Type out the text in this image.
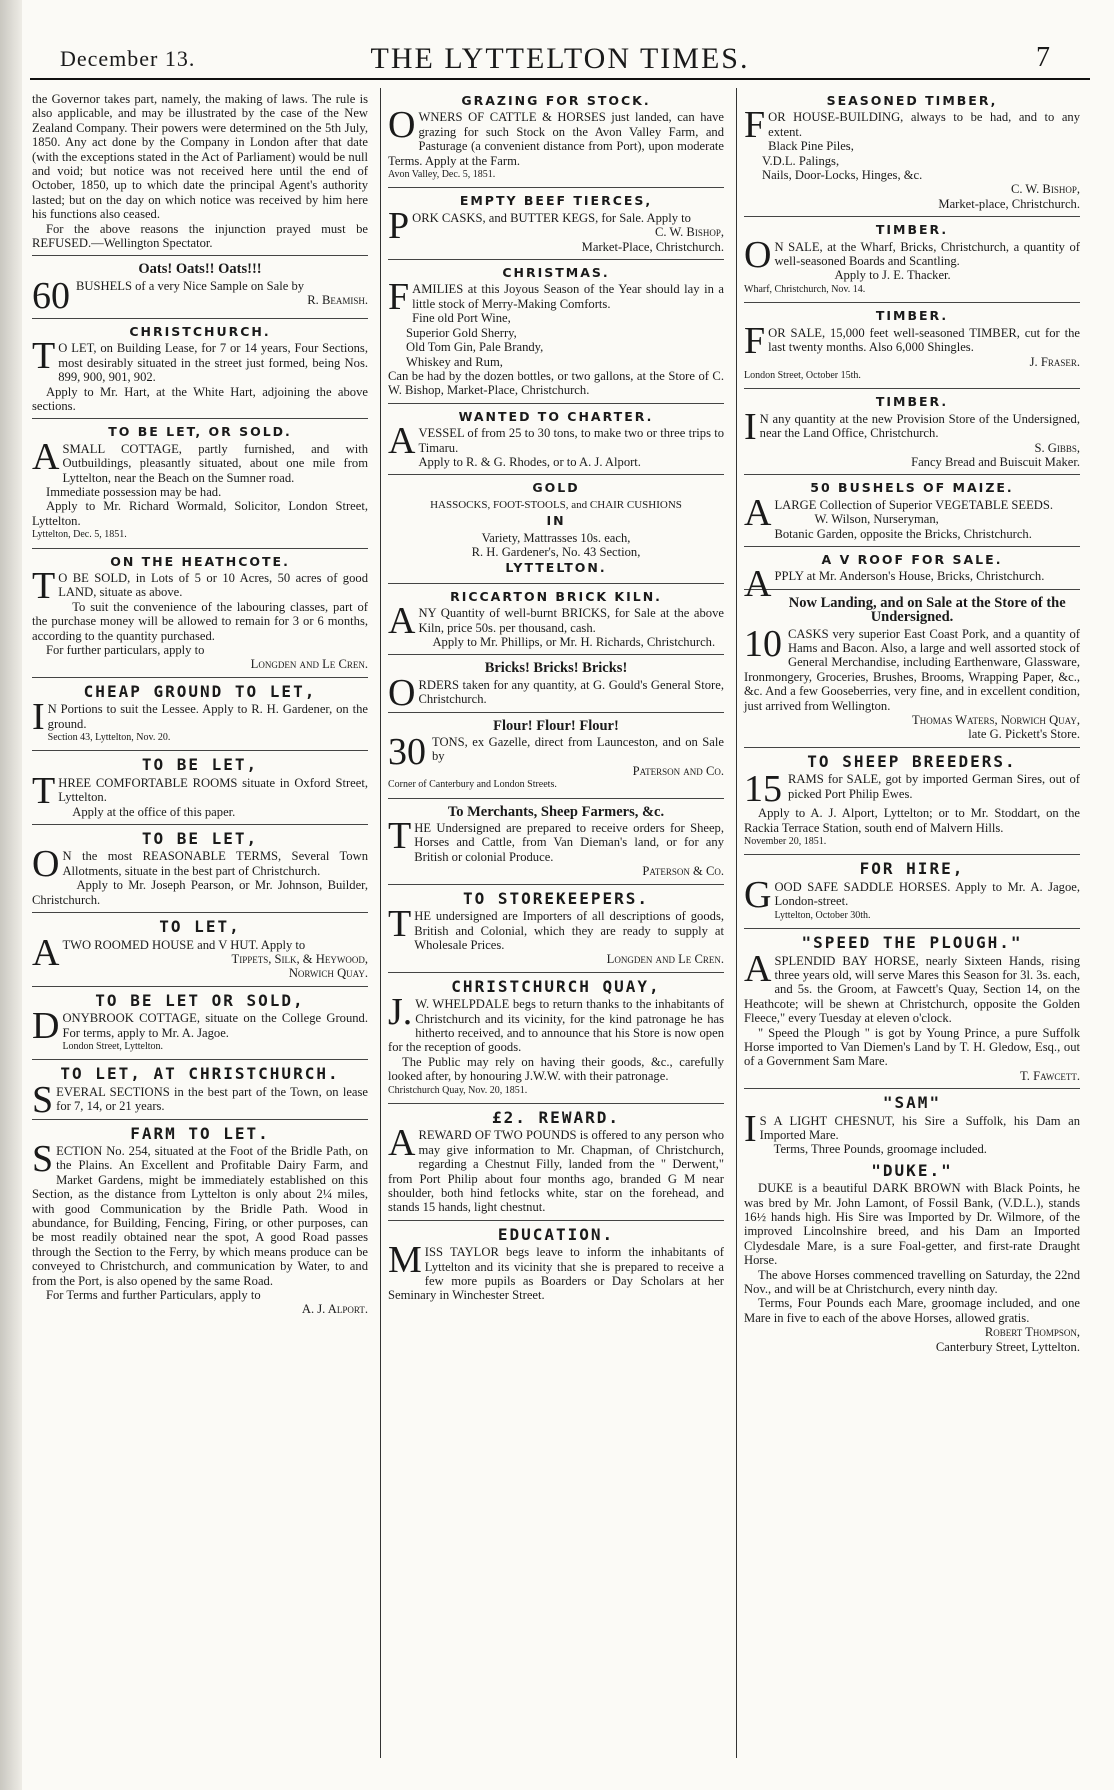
December 13.	THE LYTTELTON TIMES.	7

the Governor takes part, namely, the making of laws. The rule is also applicable, and may be illustrated by the case of the New Zealand Company. Their powers were determined on the 5th July, 1850. Any act done by the Company in London after that date (with the exceptions stated in the Act of Parliament) would be null and void; but notice was not received here until the end of October, 1850, up to which date the principal Agent's authority lasted; but on the day on which notice was received by him here his functions also ceased.

For the above reasons the injunction prayed must be REFUSED.—Wellington Spectator.

Oats! Oats!! Oats!!!
60 BUSHELS of a very Nice Sample on Sale by

R. Beamish.

CHRISTCHURCH.

TO LET, on Building Lease, for 7 or 14 years, Four Sections, most desirably situated in the street just formed, being Nos. 899, 900, 901, 902.

Apply to Mr. Hart, at the White Hart, adjoining the above sections.

TO BE LET, OR SOLD.

ASMALL COTTAGE, partly furnished, and with Outbuildings, pleasantly situated, about one mile from Lyttelton, near the Beach on the Sumner road.

Immediate possession may be had.

Apply to Mr. Richard Wormald, Solicitor, London Street, Lyttelton.

Lyttelton, Dec. 5, 1851.

ON THE HEATHCOTE.

TO BE SOLD, in Lots of 5 or 10 Acres, 50 acres of good LAND, situate as above.

To suit the convenience of the labouring classes, part of the purchase money will be allowed to remain for 3 or 6 months, according to the quantity purchased.

For further particulars, apply to

Longden and Le Cren.

CHEAP GROUND TO LET,

IN Portions to suit the Lessee. Apply to R. H. Gardener, on the ground.

Section 43, Lyttelton, Nov. 20.

TO BE LET,

THREE COMFORTABLE ROOMS situate in Oxford Street, Lyttelton.

Apply at the office of this paper.

TO BE LET,

ON the most REASONABLE TERMS, Several Town Allotments, situate in the best part of Christchurch.

Apply to Mr. Joseph Pearson, or Mr. Johnson, Builder, Christchurch.

TO LET,

ATWO ROOMED HOUSE and V HUT. Apply to

Tippets, Silk, & Heywood,

Norwich Quay.

TO BE LET OR SOLD,

DONYBROOK COTTAGE, situate on the College Ground. For terms, apply to Mr. A. Jagoe.

London Street, Lyttelton.

TO LET, AT CHRISTCHURCH.

SEVERAL SECTIONS in the best part of the Town, on lease for 7, 14, or 21 years.

FARM TO LET.

SECTION No. 254, situated at the Foot of the Bridle Path, on the Plains. An Excellent and Profitable Dairy Farm, and Market Gardens, might be immediately established on this Section, as the distance from Lyttelton is only about 2¼ miles, with good Communication by the Bridle Path. Wood in abundance, for Building, Fencing, Firing, or other purposes, can be most readily obtained near the spot, A good Road passes through the Section to the Ferry, by which means produce can be conveyed to Christchurch, and communication by Water, to and from the Port, is also opened by the same Road.

For Terms and further Particulars, apply to

A. J. Alport.

GRAZING FOR STOCK.

OWNERS OF CATTLE & HORSES just landed, can have grazing for such Stock on the Avon Valley Farm, and Pasturage (a convenient distance from Port), upon moderate Terms. Apply at the Farm.

Avon Valley, Dec. 5, 1851.

EMPTY BEEF TIERCES,

PORK CASKS, and BUTTER KEGS, for Sale. Apply to

C. W. Bishop,

Market-Place, Christchurch.

CHRISTMAS.

FAMILIES at this Joyous Season of the Year should lay in a little stock of Merry-Making Comforts.

Fine old Port Wine,

Superior Gold Sherry,

Old Tom Gin, Pale Brandy,

Whiskey and Rum,

Can be had by the dozen bottles, or two gallons, at the Store of C. W. Bishop, Market-Place, Christchurch.

WANTED TO CHARTER.

AVESSEL of from 25 to 30 tons, to make two or three trips to Timaru.

Apply to R. & G. Rhodes, or to A. J. Alport.

GOLD

HASSOCKS, FOOT-STOOLS, and CHAIR CUSHIONS

IN

Variety, Mattrasses 10s. each,

R. H. Gardener's, No. 43 Section,

LYTTELTON.

RICCARTON BRICK KILN.

ANY Quantity of well-burnt BRICKS, for Sale at the above Kiln, price 50s. per thousand, cash.

Apply to Mr. Phillips, or Mr. H. Richards, Christchurch.

Bricks! Bricks! Bricks!

ORDERS taken for any quantity, at G. Gould's General Store, Christchurch.

Flour! Flour! Flour!
30 TONS, ex Gazelle, direct from Launceston, and on Sale by

Paterson and Co.

Corner of Canterbury and London Streets.

To Merchants, Sheep Farmers, &c.

THE Undersigned are prepared to receive orders for Sheep, Horses and Cattle, from Van Dieman's land, or for any British or colonial Produce.

Paterson & Co.

TO STOREKEEPERS.

THE undersigned are Importers of all descriptions of goods, British and Colonial, which they are ready to supply at Wholesale Prices.

Longden and Le Cren.

CHRISTCHURCH QUAY,

J.W. WHELPDALE begs to return thanks to the inhabitants of Christchurch and its vicinity, for the kind patronage he has hitherto received, and to announce that his Store is now open for the reception of goods.

The Public may rely on having their goods, &c., carefully looked after, by honouring J.W.W. with their patronage.

Christchurch Quay, Nov. 20, 1851.

£2. REWARD.

AREWARD OF TWO POUNDS is offered to any person who may give information to Mr. Chapman, of Christchurch, regarding a Chestnut Filly, landed from the " Derwent," from Port Philip about four months ago, branded G M near shoulder, both hind fetlocks white, star on the forehead, and stands 15 hands, light chestnut.

EDUCATION.

MISS TAYLOR begs leave to inform the inhabitants of Lyttelton and its vicinity that she is prepared to receive a few more pupils as Boarders or Day Scholars at her Seminary in Winchester Street.

SEASONED TIMBER,

FOR HOUSE-BUILDING, always to be had, and to any extent.

Black Pine Piles,

V.D.L. Palings,

Nails, Door-Locks, Hinges, &c.

C. W. Bishop,

Market-place, Christchurch.

TIMBER.

ON SALE, at the Wharf, Bricks, Christchurch, a quantity of well-seasoned Boards and Scantling.

Apply to J. E. Thacker.

Wharf, Christchurch, Nov. 14.

TIMBER.

FOR SALE, 15,000 feet well-seasoned TIMBER, cut for the last twenty months. Also 6,000 Shingles.

J. Fraser.

London Street, October 15th.

TIMBER.

IN any quantity at the new Provision Store of the Undersigned, near the Land Office, Christchurch.

S. Gibbs,

Fancy Bread and Buiscuit Maker.

50 BUSHELS OF MAIZE.

ALARGE Collection of Superior VEGETABLE SEEDS.

W. Wilson, Nurseryman,

Botanic Garden, opposite the Bricks, Christchurch.

A V ROOF FOR SALE.

APPLY at Mr. Anderson's House, Bricks, Christchurch.

Now Landing, and on Sale at the Store of the Undersigned.
10 CASKS very superior East Coast Pork, and a quantity of Hams and Bacon. Also, a large and well assorted stock of General Merchandise, including Earthenware, Glassware, Ironmongery, Groceries, Brushes, Brooms, Wrapping Paper, &c., &c. And a few Gooseberries, very fine, and in excellent condition, just arrived from Wellington.

Thomas Waters, Norwich Quay,

late G. Pickett's Store.

TO SHEEP BREEDERS.
15 RAMS for SALE, got by imported German Sires, out of picked Port Philip Ewes.

Apply to A. J. Alport, Lyttelton; or to Mr. Stoddart, on the Rackia Terrace Station, south end of Malvern Hills.

November 20, 1851.

FOR HIRE,

GOOD SAFE SADDLE HORSES. Apply to Mr. A. Jagoe, London-street.

Lyttelton, October 30th.

"SPEED THE PLOUGH."

ASPLENDID BAY HORSE, nearly Sixteen Hands, rising three years old, will serve Mares this Season for 3l. 3s. each, and 5s. the Groom, at Fawcett's Quay, Section 14, on the Heathcote; will be shewn at Christchurch, opposite the Golden Fleece," every Tuesday at eleven o'clock.

" Speed the Plough " is got by Young Prince, a pure Suffolk Horse imported to Van Diemen's Land by T. H. Gledow, Esq., out of a Government Sam Mare.

T. Fawcett.

"SAM"

IS A LIGHT CHESNUT, his Sire a Suffolk, his Dam an Imported Mare.

Terms, Three Pounds, groomage included.

"DUKE."

DUKE is a beautiful DARK BROWN with Black Points, he was bred by Mr. John Lamont, of Fossil Bank, (V.D.L.), stands 16½ hands high. His Sire was Imported by Dr. Wilmore, of the improved Lincolnshire breed, and his Dam an Imported Clydesdale Mare, is a sure Foal-getter, and first-rate Draught Horse.

The above Horses commenced travelling on Saturday, the 22nd Nov., and will be at Christchurch, every ninth day.

Terms, Four Pounds each Mare, groomage included, and one Mare in five to each of the above Horses, allowed gratis.

Robert Thompson,

Canterbury Street, Lyttelton.
